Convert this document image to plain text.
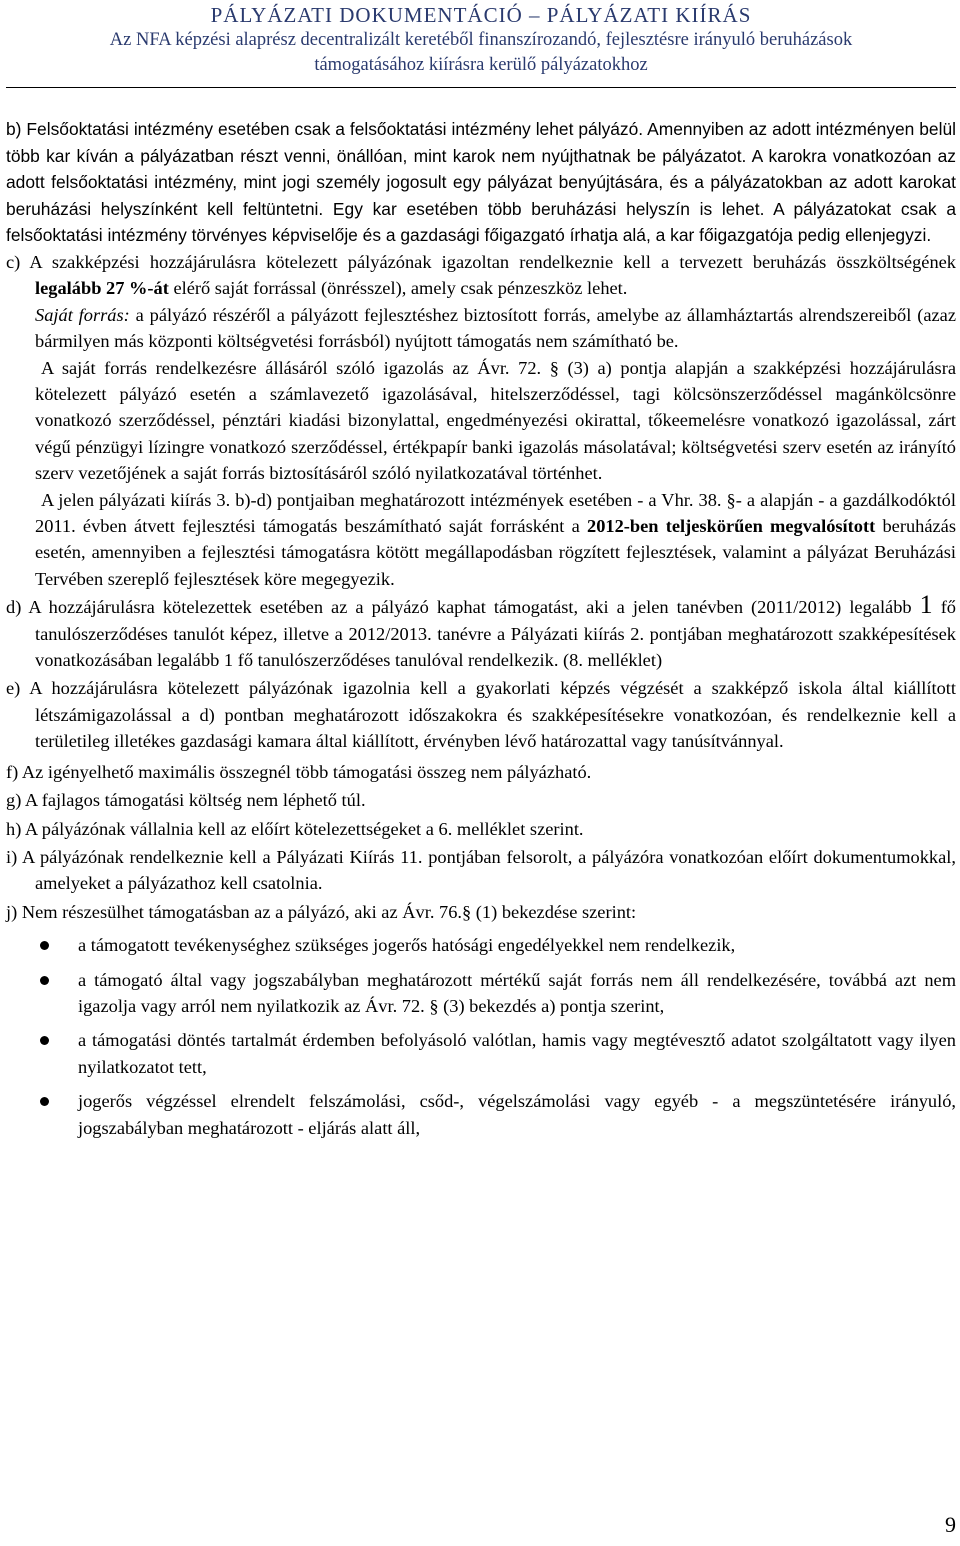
PÁLYÁZATI DOKUMENTÁCIÓ – PÁLYÁZATI KIÍRÁS
Az NFA képzési alaprész decentralizált keretéből finanszírozandó, fejlesztésre irányuló beruházások
támogatásához kiírásra kerülő pályázatokhoz

b) Felsőoktatási intézmény esetében csak a felsőoktatási intézmény lehet pályázó. Amennyiben az adott intézményen belül több kar kíván a pályázatban részt venni, önállóan, mint karok nem nyújthatnak be pályázatot. A karokra vonatkozóan az adott felsőoktatási intézmény, mint jogi személy jogosult egy pályázat benyújtására, és a pályázatokban az adott karokat beruházási helyszínként kell feltüntetni. Egy kar esetében több beruházási helyszín is lehet. A pályázatokat csak a felsőoktatási intézmény törvényes képviselője és a gazdasági főigazgató írhatja alá, a kar főigazgatója pedig ellenjegyzi.

c) A szakképzési hozzájárulásra kötelezett pályázónak igazoltan rendelkeznie kell a tervezett beruházás összköltségének legalább 27 %-át elérő saját forrással (önrésszel), amely csak pénzeszköz lehet.

Saját forrás: a pályázó részéről a pályázott fejlesztéshez biztosított forrás, amelybe az államháztartás alrendszereiből (azaz bármilyen más központi költségvetési forrásból) nyújtott támogatás nem számítható be.

A saját forrás rendelkezésre állásáról szóló igazolás az Ávr. 72. § (3) a) pontja alapján a szakképzési hozzájárulásra kötelezett pályázó esetén a számlavezető igazolásával, hitelszerződéssel, tagi kölcsönszerződéssel magánkölcsönre vonatkozó szerződéssel, pénztári kiadási bizonylattal, engedményezési okirattal, tőkeemelésre vonatkozó igazolással, zárt végű pénzügyi lízingre vonatkozó szerződéssel, értékpapír banki igazolás másolatával; költségvetési szerv esetén az irányító szerv vezetőjének a saját forrás biztosításáról szóló nyilatkozatával történhet.

A jelen pályázati kiírás 3. b)-d) pontjaiban meghatározott intézmények esetében - a Vhr. 38. §- a alapján - a gazdálkodóktól 2011. évben átvett fejlesztési támogatás beszámítható saját forrásként a 2012-ben teljeskörűen megvalósított beruházás esetén, amennyiben a fejlesztési támogatásra kötött megállapodásban rögzített fejlesztések, valamint a pályázat Beruházási Tervében szereplő fejlesztések köre megegyezik.

d) A hozzájárulásra kötelezettek esetében az a pályázó kaphat támogatást, aki a jelen tanévben (2011/2012) legalább 1 fő tanulószerződéses tanulót képez, illetve a 2012/2013. tanévre a Pályázati kiírás 2. pontjában meghatározott szakképesítések vonatkozásában legalább 1 fő tanulószerződéses tanulóval rendelkezik. (8. melléklet)

e) A hozzájárulásra kötelezett pályázónak igazolnia kell a gyakorlati képzés végzését a szakképző iskola által kiállított létszámigazolással a d) pontban meghatározott időszakokra és szakképesítésekre vonatkozóan, és rendelkeznie kell a területileg illetékes gazdasági kamara által kiállított, érvényben lévő határozattal vagy tanúsítvánnyal.

f) Az igényelhető maximális összegnél több támogatási összeg nem pályázható.

g) A fajlagos támogatási költség nem léphető túl.

h) A pályázónak vállalnia kell az előírt kötelezettségeket a 6. melléklet szerint.

i) A pályázónak rendelkeznie kell a Pályázati Kiírás 11. pontjában felsorolt, a pályázóra vonatkozóan előírt dokumentumokkal, amelyeket a pályázathoz kell csatolnia.

j) Nem részesülhet támogatásban az a pályázó, aki az Ávr. 76.§ (1) bekezdése szerint:

a támogatott tevékenységhez szükséges jogerős hatósági engedélyekkel nem rendelkezik,
a támogató által vagy jogszabályban meghatározott mértékű saját forrás nem áll rendelkezésére, továbbá azt nem igazolja vagy arról nem nyilatkozik az Ávr. 72. § (3) bekezdés a) pontja szerint,
a támogatási döntés tartalmát érdemben befolyásoló valótlan, hamis vagy megtévesztő adatot szolgáltatott vagy ilyen nyilatkozatot tett,
jogerős végzéssel elrendelt felszámolási, csőd-, végelszámolási vagy egyéb - a megszüntetésére irányuló, jogszabályban meghatározott - eljárás alatt áll,
9
